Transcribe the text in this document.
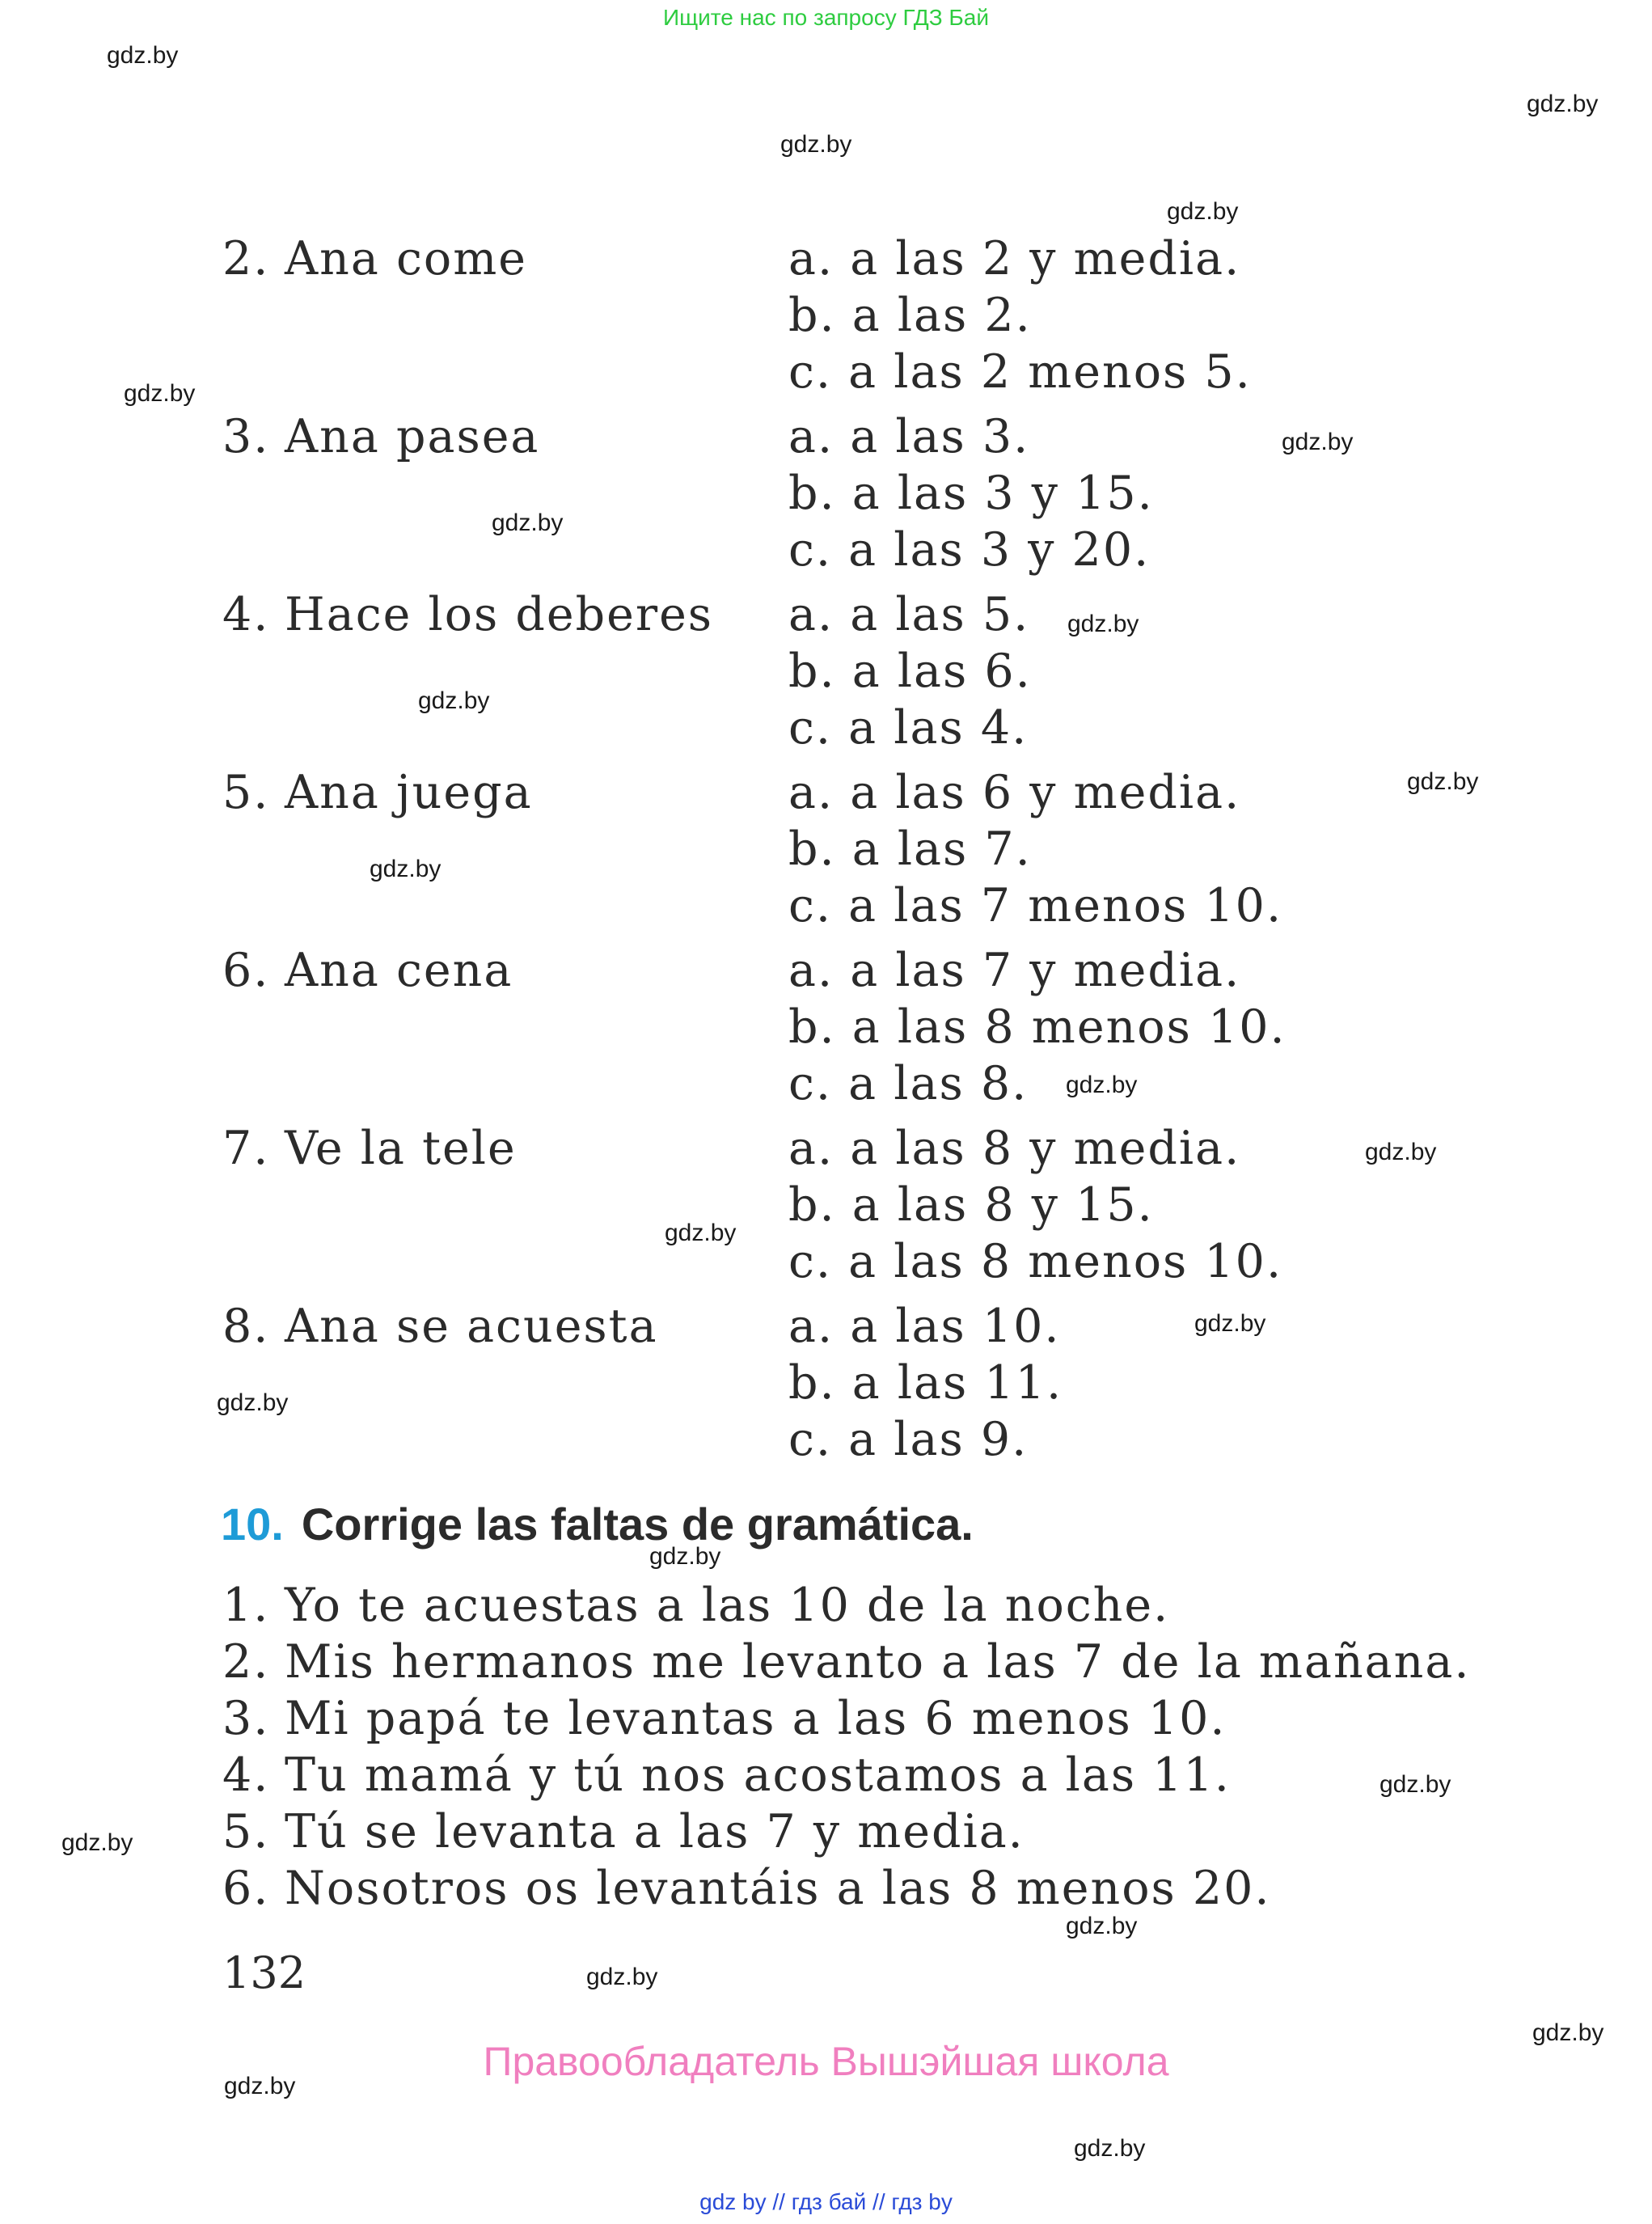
Ищите нас по запросу ГДЗ Бай
2. Ana come	a. a las 2 y media.
b. a las 2.
c. a las 2 menos 5.
3. Ana pasea	a. a las 3.
b. a las 3 y 15.
c. a las 3 y 20.
4. Hace los deberes a. a las 5.
b. a las 6.
c. a las 4.
5. Ana juega	a. a las 6 y media.
b. a las 7.
c. a las 7 menos 10.
6. Ana cena	a. a las 7 y media.
b. a las 8 menos 10.
c. a las 8.
7. Ve la tele	a. a las 8 y media.
b. a las 8 y 15.
c. a las 8 menos 10.
8. Ana se acuesta	a. a las 10.
b. a las 11.
c. a las 9.
10. Corrige las faltas de gramática.
1. Yo te acuestas a las 10 de la noche.
2. Mis hermanos me levanto a las 7 de la mañana.
3. Mi papá te levantas a las 6 menos 10.
4. Tu mamá y tú nos acostamos a las 11.
5. Tú se levanta a las 7 y media.
6. Nosotros os levantáis a las 8 menos 20.
132
Правообладатель Вышэйшая школа
gdz by // гдз бай // гдз by
gdz.by
gdz.by
gdz.by
gdz.by
gdz.by
gdz.by
gdz.by
gdz.by
gdz.by
gdz.by
gdz.by
gdz.by
gdz.by
gdz.by
gdz.by
gdz.by
gdz.by
gdz.by
gdz.by
gdz.by
gdz.by
gdz.by
gdz.by
gdz.by
